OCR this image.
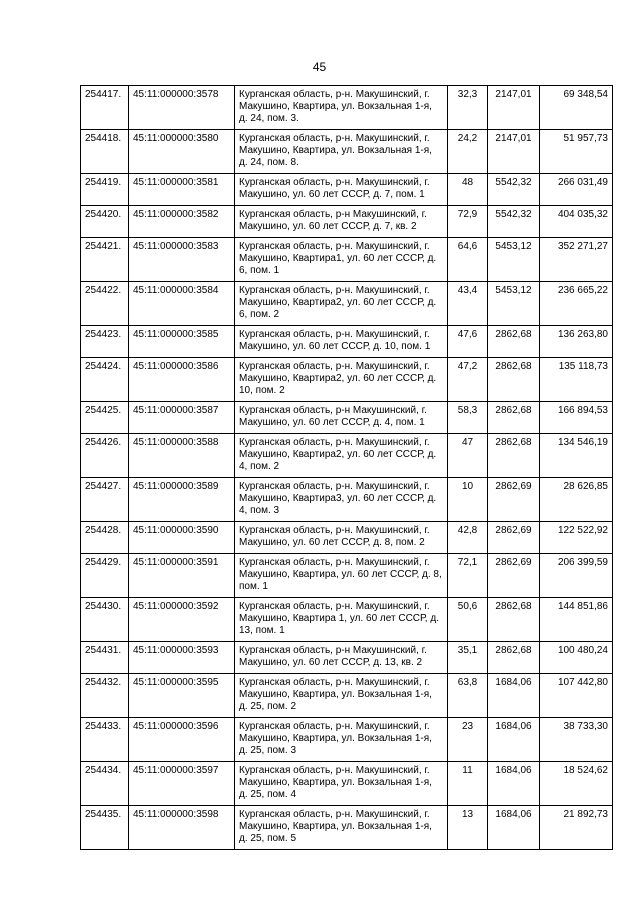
45
254417.	45:11:000000:3578	Курганская область, р-н. Макушинский, г. Макушино, Квартира, ул. Вокзальная 1-я, д. 24, пом. 3.	32,3	2147,01	69 348,54
254418.	45:11:000000:3580	Курганская область, р-н. Макушинский, г. Макушино, Квартира, ул. Вокзальная 1-я, д. 24, пом. 8.	24,2	2147,01	51 957,73
254419.	45:11:000000:3581	Курганская область, р-н. Макушинский, г. Макушино, ул. 60 лет СССР, д. 7, пом. 1	48	5542,32	266 031,49
254420.	45:11:000000:3582	Курганская область, р-н Макушинский, г. Макушино, ул. 60 лет СССР, д. 7, кв. 2	72,9	5542,32	404 035,32
254421.	45:11:000000:3583	Курганская область, р-н. Макушинский, г. Макушино, Квартира1, ул. 60 лет СССР, д. 6, пом. 1	64,6	5453,12	352 271,27
254422.	45:11:000000:3584	Курганская область, р-н. Макушинский, г. Макушино, Квартира2, ул. 60 лет СССР, д. 6, пом. 2	43,4	5453,12	236 665,22
254423.	45:11:000000:3585	Курганская область, р-н. Макушинский, г. Макушино, ул. 60 лет СССР, д. 10, пом. 1	47,6	2862,68	136 263,80
254424.	45:11:000000:3586	Курганская область, р-н. Макушинский, г. Макушино, Квартира2, ул. 60 лет СССР, д. 10, пом. 2	47,2	2862,68	135 118,73
254425.	45:11:000000:3587	Курганская область, р-н Макушинский, г. Макушино, ул. 60 лет СССР, д. 4, пом. 1	58,3	2862,68	166 894,53
254426.	45:11:000000:3588	Курганская область, р-н. Макушинский, г. Макушино, Квартира2, ул. 60 лет СССР, д. 4, пом. 2	47	2862,68	134 546,19
254427.	45:11:000000:3589	Курганская область, р-н. Макушинский, г. Макушино, Квартира3, ул. 60 лет СССР, д. 4, пом. 3	10	2862,69	28 626,85
254428.	45:11:000000:3590	Курганская область, р-н. Макушинский, г. Макушино, ул. 60 лет СССР, д. 8, пом. 2	42,8	2862,69	122 522,92
254429.	45:11:000000:3591	Курганская область, р-н. Макушинский, г. Макушино, Квартира, ул. 60 лет СССР, д. 8, пом. 1	72,1	2862,69	206 399,59
254430.	45:11:000000:3592	Курганская область, р-н. Макушинский, г. Макушино, Квартира 1, ул. 60 лет СССР, д. 13, пом. 1	50,6	2862,68	144 851,86
254431.	45:11:000000:3593	Курганская область, р-н Макушинский, г. Макушино, ул. 60 лет СССР, д. 13, кв. 2	35,1	2862,68	100 480,24
254432.	45:11:000000:3595	Курганская область, р-н. Макушинский, г. Макушино, Квартира, ул. Вокзальная 1-я, д. 25, пом. 2	63,8	1684,06	107 442,80
254433.	45:11:000000:3596	Курганская область, р-н. Макушинский, г. Макушино, Квартира, ул. Вокзальная 1-я, д. 25, пом. 3	23	1684,06	38 733,30
254434.	45:11:000000:3597	Курганская область, р-н. Макушинский, г. Макушино, Квартира, ул. Вокзальная 1-я, д. 25, пом. 4	11	1684,06	18 524,62
254435.	45:11:000000:3598	Курганская область, р-н. Макушинский, г. Макушино, Квартира, ул. Вокзальная 1-я, д. 25, пом. 5	13	1684,06	21 892,73
